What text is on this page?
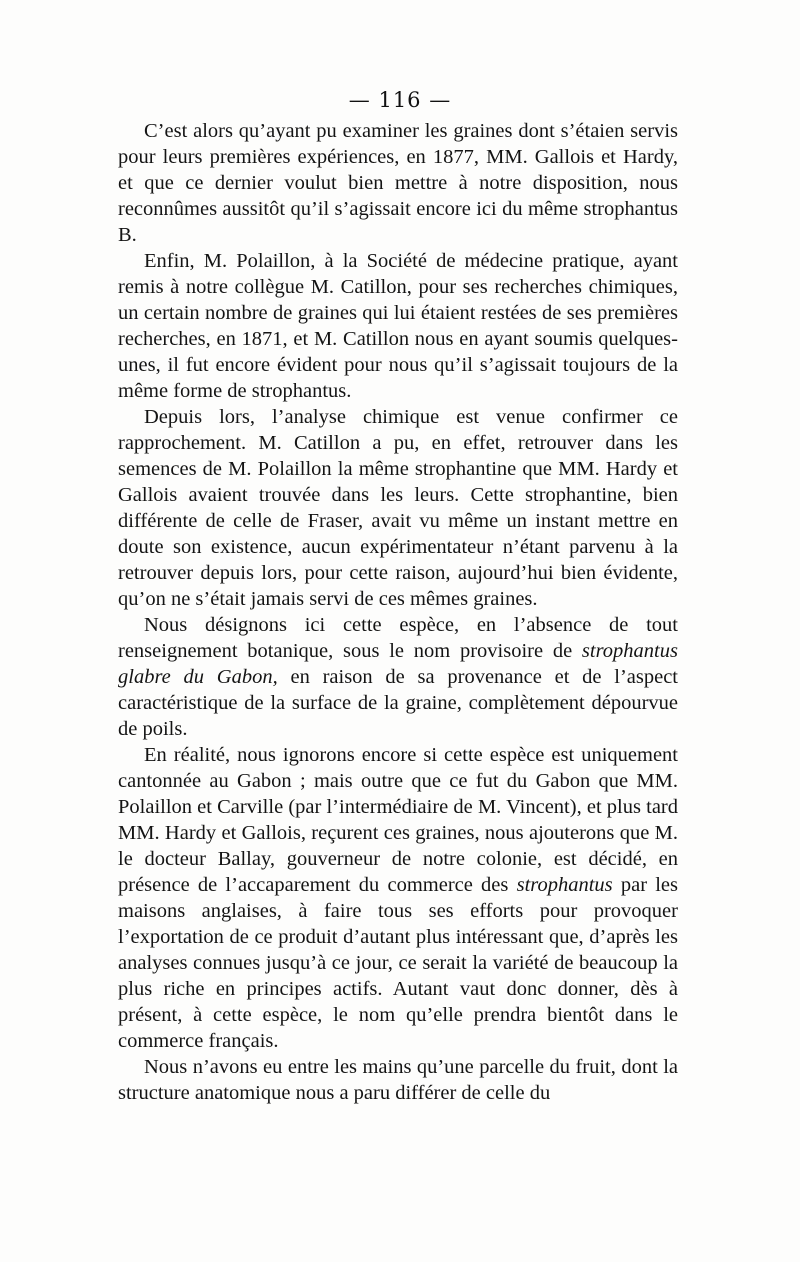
— 116 —

C’est alors qu’ayant pu examiner les graines dont s’étaien servis pour leurs premières expériences, en 1877, MM. Gallois et Hardy, et que ce dernier voulut bien mettre à notre disposition, nous reconnûmes aussitôt qu’il s’agissait encore ici du même strophantus B.

Enfin, M. Polaillon, à la Société de médecine pratique, ayant remis à notre collègue M. Catillon, pour ses recherches chimiques, un certain nombre de graines qui lui étaient restées de ses premières recherches, en 1871, et M. Catillon nous en ayant soumis quelques-unes, il fut encore évident pour nous qu’il s’agissait toujours de la même forme de strophantus.

Depuis lors, l’analyse chimique est venue confirmer ce rapprochement. M. Catillon a pu, en effet, retrouver dans les semences de M. Polaillon la même strophantine que MM. Hardy et Gallois avaient trouvée dans les leurs. Cette strophantine, bien différente de celle de Fraser, avait vu même un instant mettre en doute son existence, aucun expérimentateur n’étant parvenu à la retrouver depuis lors, pour cette raison, aujourd’hui bien évidente, qu’on ne s’était jamais servi de ces mêmes graines.

Nous désignons ici cette espèce, en l’absence de tout renseignement botanique, sous le nom provisoire de strophantus glabre du Gabon, en raison de sa provenance et de l’aspect caractéristique de la surface de la graine, complètement dépourvue de poils.

En réalité, nous ignorons encore si cette espèce est uniquement cantonnée au Gabon ; mais outre que ce fut du Gabon que MM. Polaillon et Carville (par l’intermédiaire de M. Vincent), et plus tard MM. Hardy et Gallois, reçurent ces graines, nous ajouterons que M. le docteur Ballay, gouverneur de notre colonie, est décidé, en présence de l’accaparement du commerce des strophantus par les maisons anglaises, à faire tous ses efforts pour provoquer l’exportation de ce produit d’autant plus intéressant que, d’après les analyses connues jusqu’à ce jour, ce serait la variété de beaucoup la plus riche en principes actifs. Autant vaut donc donner, dès à présent, à cette espèce, le nom qu’elle prendra bientôt dans le commerce français.

Nous n’avons eu entre les mains qu’une parcelle du fruit, dont la structure anatomique nous a paru différer de celle du
